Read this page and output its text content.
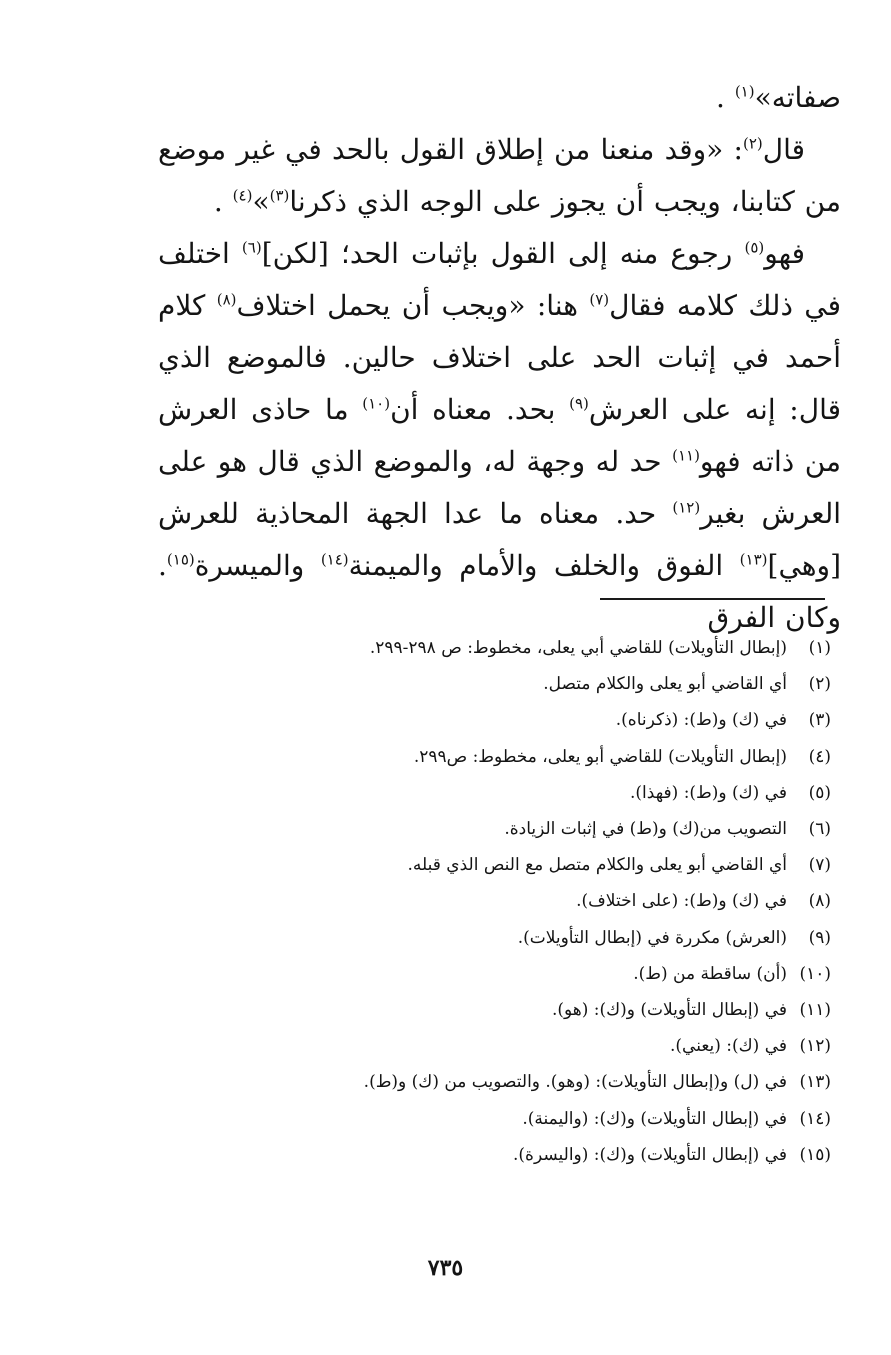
صفاته»$^{(١)}$ .

قال$^{(٢)}$: «وقد منعنا من إطلاق القول بالحد في غير موضع من كتابنا، ويجب أن يجوز على الوجه الذي ذكرنا$^{(٣)}$»$^{(٤)}$ .

فهو$^{(٥)}$ رجوع منه إلى القول بإثبات الحد؛ [لكن]$^{(٦)}$ اختلف في ذلك كلامه فقال$^{(٧)}$ هنا: «ويجب أن يحمل اختلاف$^{(٨)}$ كلام أحمد في إثبات الحد على اختلاف حالين. فالموضع الذي قال: إنه على العرش$^{(٩)}$ بحد. معناه أن$^{(١٠)}$ ما حاذى العرش من ذاته فهو$^{(١١)}$ حد له وجهة له، والموضع الذي قال هو على العرش بغير$^{(١٢)}$ حد. معناه ما عدا الجهة المحاذية للعرش [وهي]$^{(١٣)}$ الفوق والخلف والأمام والميمنة$^{(١٤)}$ والميسرة$^{(١٥)}$. وكان الفرق

(١)(إبطال التأويلات) للقاضي أبي يعلى، مخطوط: ص ٢٩٨-٢٩٩.
(٢)أي القاضي أبو يعلى والكلام متصل.
(٣)في (ك) و(ط): (ذكرناه).
(٤)(إبطال التأويلات) للقاضي أبو يعلى، مخطوط: ص٢٩٩.
(٥)في (ك) و(ط): (فهذا).
(٦)التصويب من(ك) و(ط) في إثبات الزيادة.
(٧)أي القاضي أبو يعلى والكلام متصل مع النص الذي قبله.
(٨)في (ك) و(ط): (على اختلاف).
(٩)(العرش) مكررة في (إبطال التأويلات).
(١٠)(أن) ساقطة من (ط).
(١١)في (إبطال التأويلات) و(ك): (هو).
(١٢)في (ك): (يعني).
(١٣)في (ل) و(إبطال التأويلات): (وهو). والتصويب من (ك) و(ط).
(١٤)في (إبطال التأويلات) و(ك): (واليمنة).
(١٥)في (إبطال التأويلات) و(ك): (واليسرة).
٧٣٥
